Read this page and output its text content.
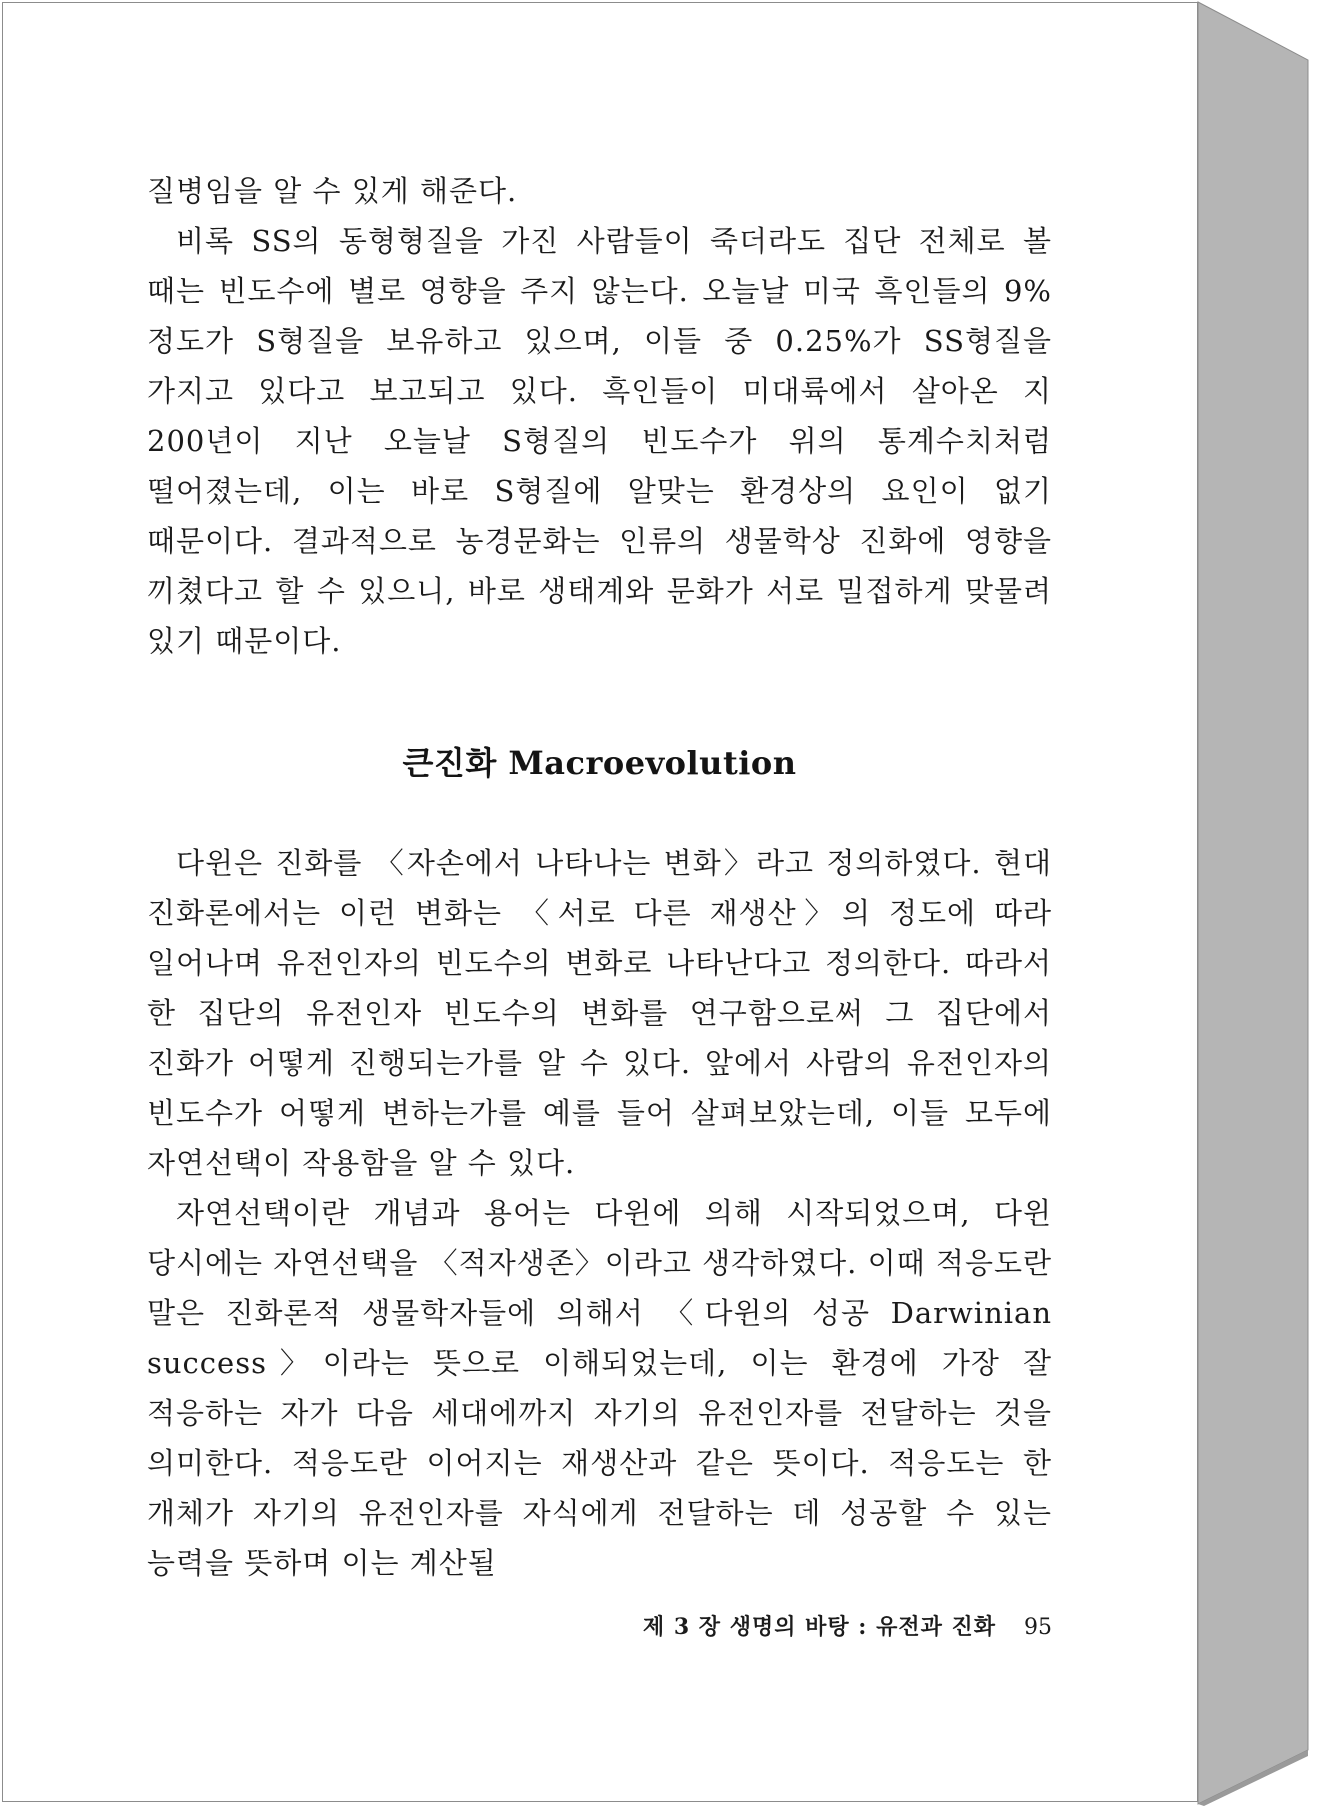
질병임을 알 수 있게 해준다.

비록 SS의 동형형질을 가진 사람들이 죽더라도 집단 전체로 볼 때는 빈도수에 별로 영향을 주지 않는다. 오늘날 미국 흑인들의 9%정도가 S형질을 보유하고 있으며, 이들 중 0.25%가 SS형질을 가지고 있다고 보고되고 있다. 흑인들이 미대륙에서 살아온 지 200년이 지난 오늘날 S형질의 빈도수가 위의 통계수치처럼 떨어졌는데, 이는 바로 S형질에 알맞는 환경상의 요인이 없기 때문이다. 결과적으로 농경문화는 인류의 생물학상 진화에 영향을 끼쳤다고 할 수 있으니, 바로 생태계와 문화가 서로 밀접하게 맞물려 있기 때문이다.

큰진화 Macroevolution

다윈은 진화를 〈자손에서 나타나는 변화〉라고 정의하였다. 현대 진화론에서는 이런 변화는 〈서로 다른 재생산〉의 정도에 따라 일어나며 유전인자의 빈도수의 변화로 나타난다고 정의한다. 따라서 한 집단의 유전인자 빈도수의 변화를 연구함으로써 그 집단에서 진화가 어떻게 진행되는가를 알 수 있다. 앞에서 사람의 유전인자의 빈도수가 어떻게 변하는가를 예를 들어 살펴보았는데, 이들 모두에 자연선택이 작용함을 알 수 있다.

자연선택이란 개념과 용어는 다윈에 의해 시작되었으며, 다윈 당시에는 자연선택을 〈적자생존〉이라고 생각하였다. 이때 적응도란 말은 진화론적 생물학자들에 의해서 〈다윈의 성공 Darwinian success〉이라는 뜻으로 이해되었는데, 이는 환경에 가장 잘 적응하는 자가 다음 세대에까지 자기의 유전인자를 전달하는 것을 의미한다. 적응도란 이어지는 재생산과 같은 뜻이다. 적응도는 한 개체가 자기의 유전인자를 자식에게 전달하는 데 성공할 수 있는 능력을 뜻하며 이는 계산될

제 3 장 생명의 바탕 : 유전과 진화 95
